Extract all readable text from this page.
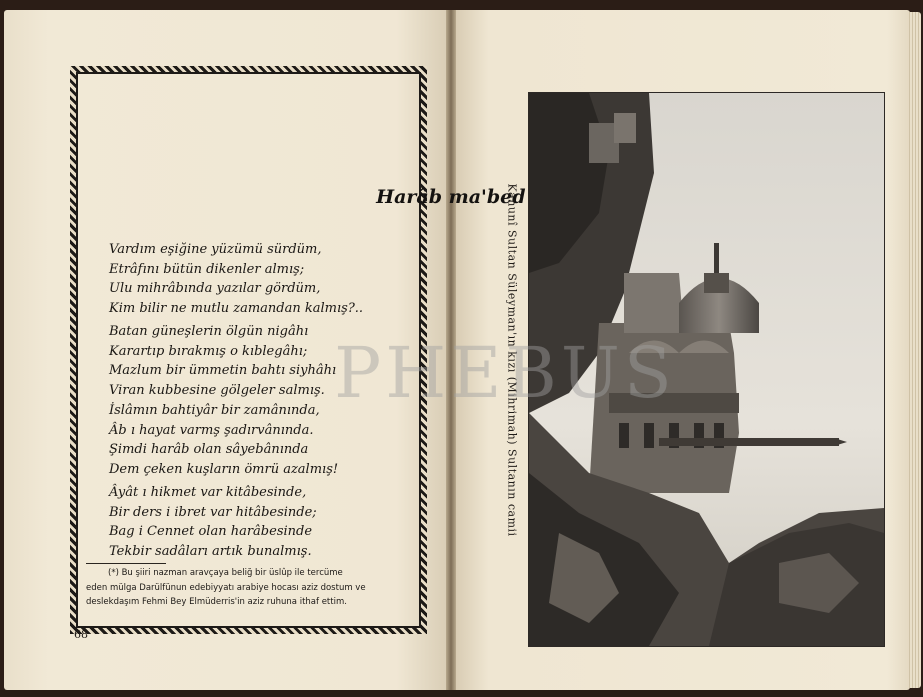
Harâb ma'bed
Vardım eşiğine yüzümü sürdüm,
Etrâfını bütün dikenler almış;
Ulu mihrâbında yazılar gördüm,
Kim bilir ne mutlu zamandan kalmış?..
Batan güneşlerin ölgün nigâhı
Karartıp bırakmış o kıblegâhı;
Mazlum bir ümmetin bahtı siyhâhı
Viran kubbesine gölgeler salmış.
İslâmın bahtiyâr bir zamânında,
Âb ı hayat varmş şadırvânında.
Şimdi harâb olan sâyebânında
Dem çeken kuşların ömrü azalmış!
Âyât ı hikmet var kitâbesinde,
Bir ders i ibret var hitâbesinde;
Bag i Cennet olan harâbesinde
Tekbir sadâları artık bunalmış.
(*) Bu şiiri nazman aravçaya beliğ bir üslûp ile tercüme
eden mülga Darülfünun edebiyyatı arabiye hocası aziz dostum ve
deslekdaşım Fehmi Bey Elmüderris'in aziz ruhuna ithaf ettim.
68
Kanunî Sultan Süleyman'ın kızı (Mihrimah) Sultanın camii
PHEBUS
